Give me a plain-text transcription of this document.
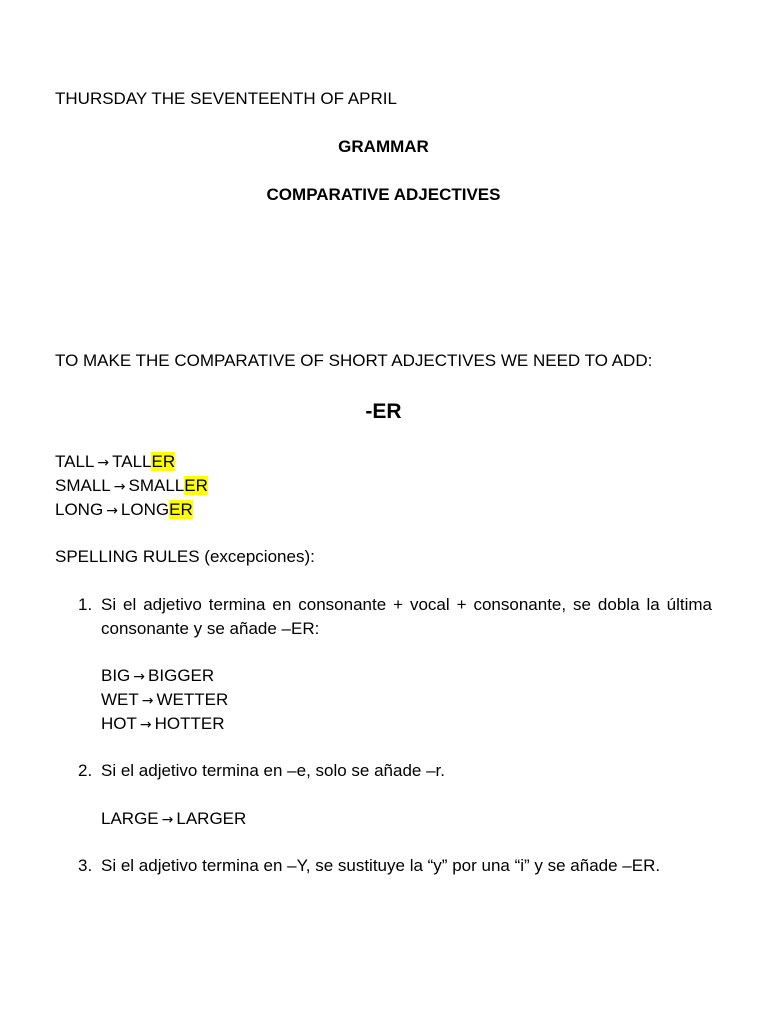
THURSDAY THE SEVENTEENTH OF APRIL
GRAMMAR
COMPARATIVE ADJECTIVES
TO MAKE THE COMPARATIVE OF SHORT ADJECTIVES WE NEED TO ADD:
-ER
TALL → TALLER
SMALL → SMALLER
LONG → LONGER
SPELLING RULES (excepciones):
1. Si el adjetivo termina en consonante + vocal + consonante, se dobla la última consonante y se añade –ER:
BIG → BIGGER
WET → WETTER
HOT → HOTTER
2. Si el adjetivo termina en –e, solo se añade –r.
LARGE → LARGER
3. Si el adjetivo termina en –Y, se sustituye la “y” por una “i” y se añade –ER.
